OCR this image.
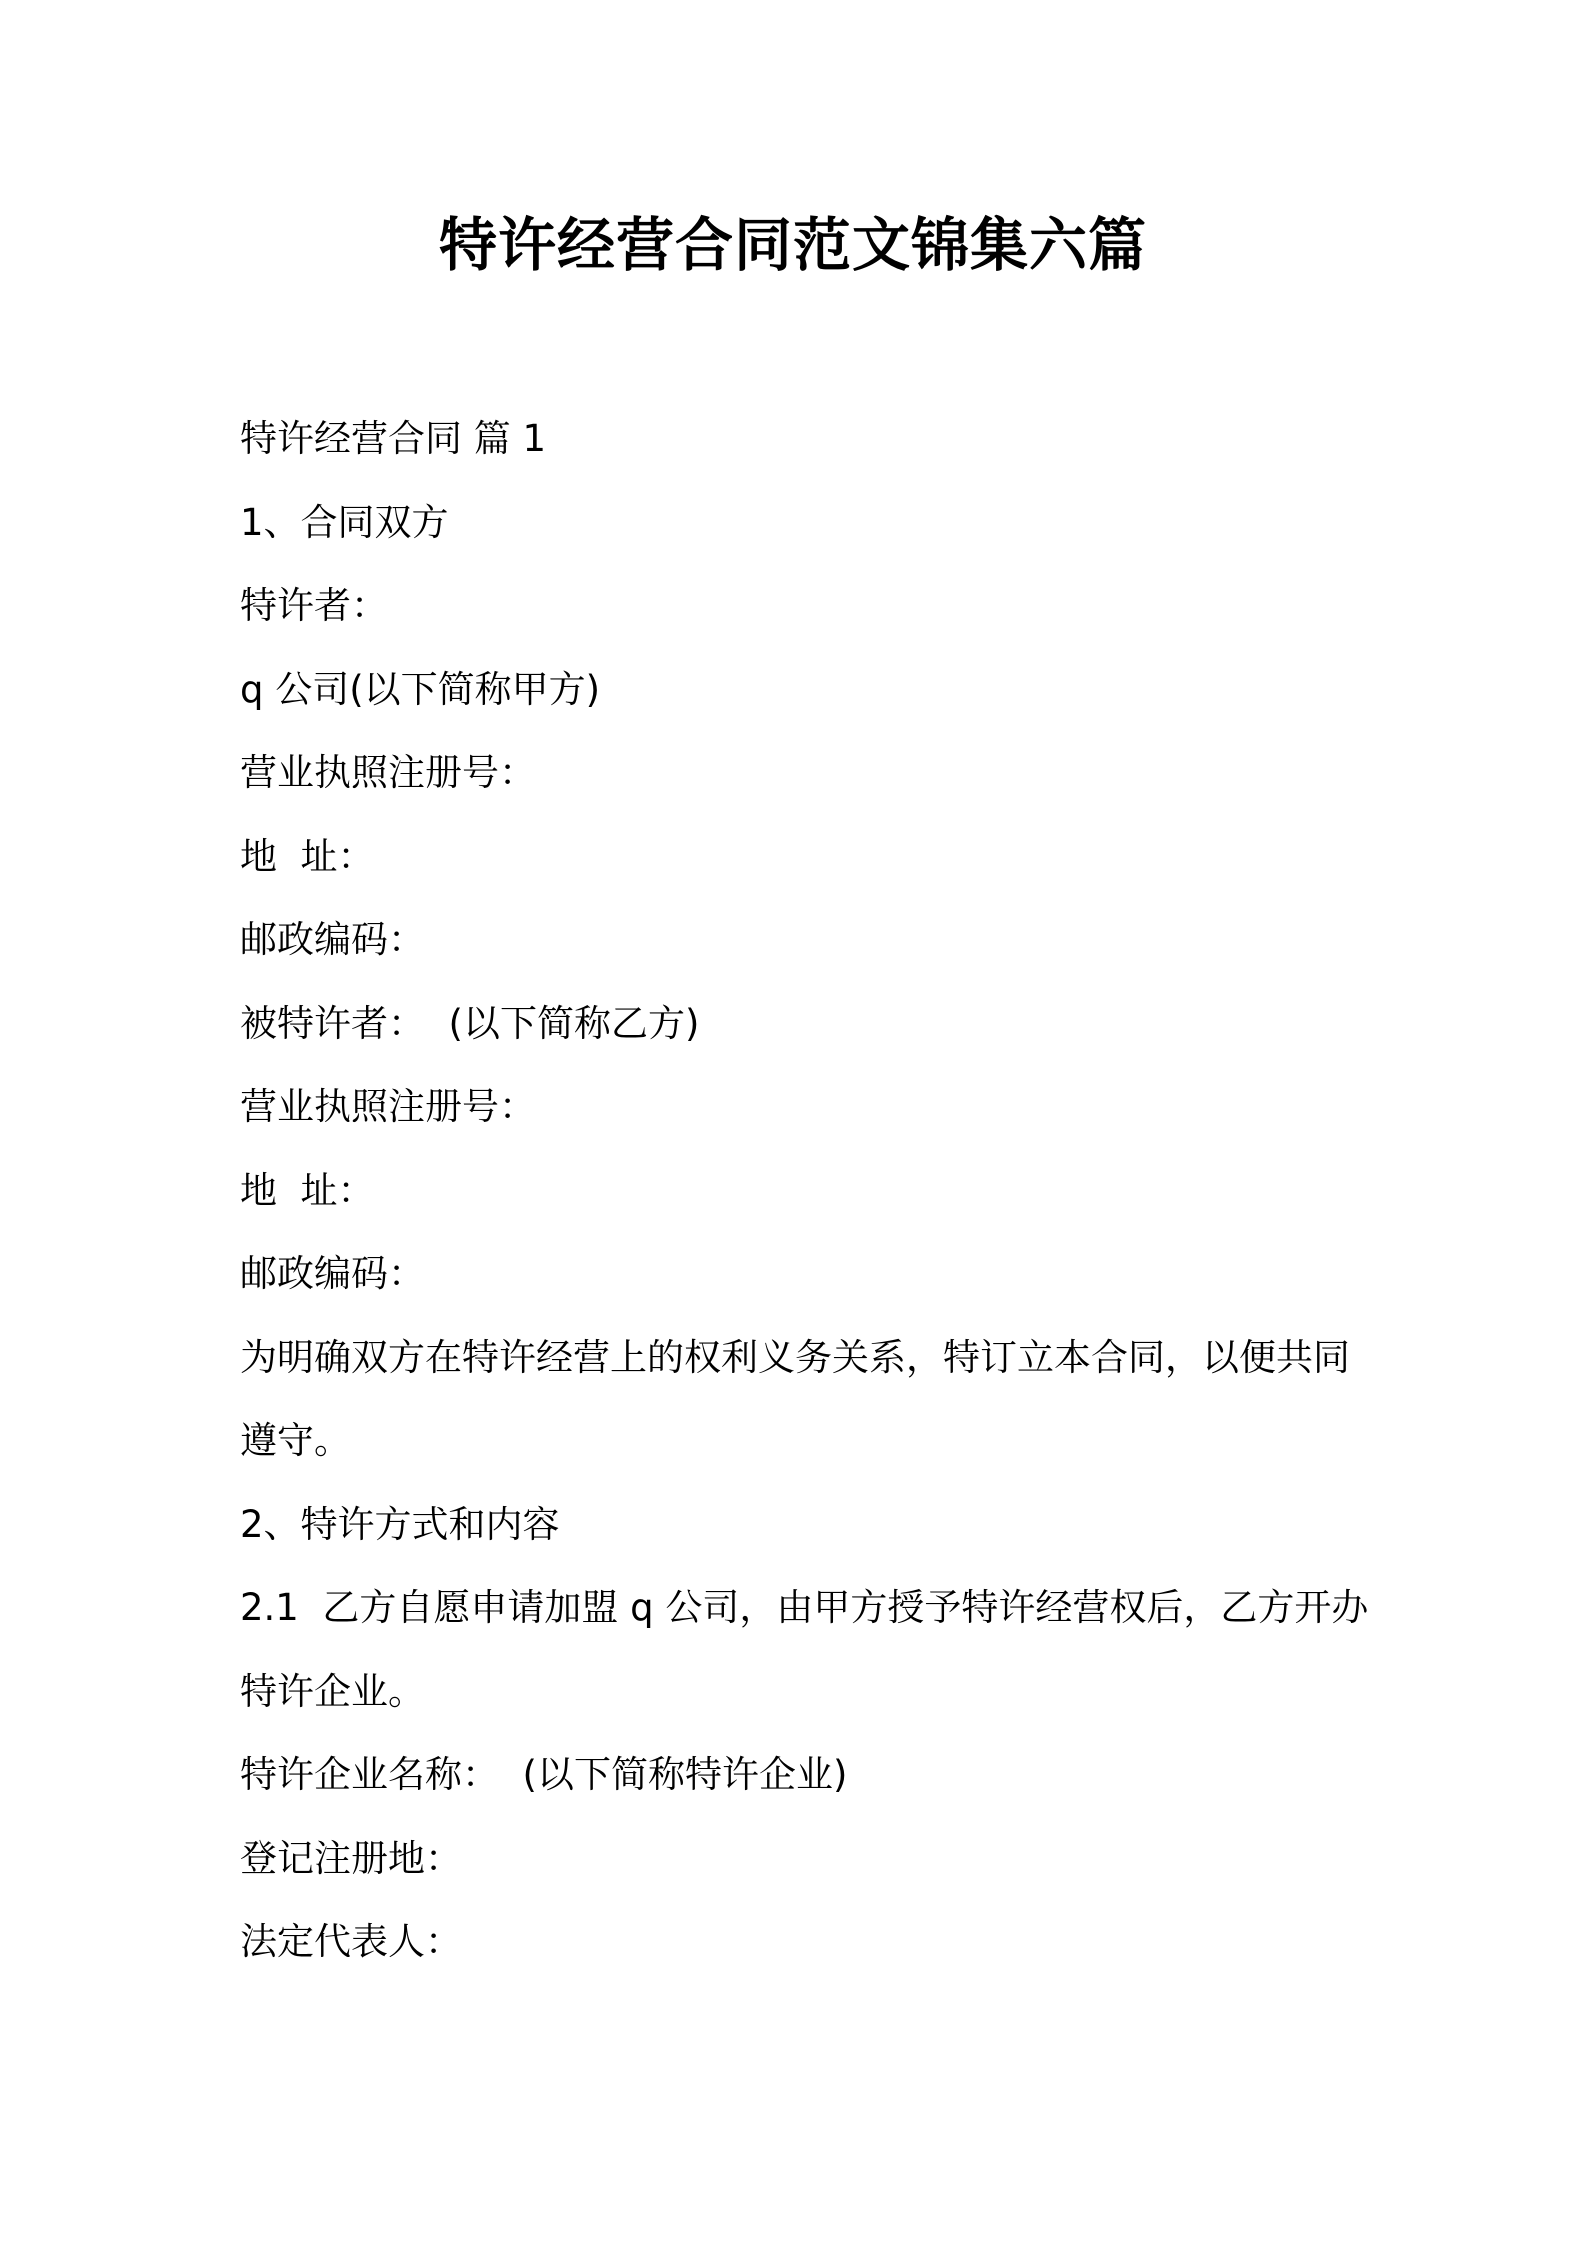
特许经营合同范文锦集六篇
特许经营合同 篇 1
1、合同双方
特许者：
q 公司(以下简称甲方)
营业执照注册号：
地  址：
邮政编码：
被特许者：  (以下简称乙方)
营业执照注册号：
地  址：
邮政编码：
为明确双方在特许经营上的权利义务关系，特订立本合同，以便共同
遵守。
2、特许方式和内容
2.1  乙方自愿申请加盟 q 公司，由甲方授予特许经营权后，乙方开办
特许企业。
特许企业名称：  (以下简称特许企业)
登记注册地：
法定代表人：
